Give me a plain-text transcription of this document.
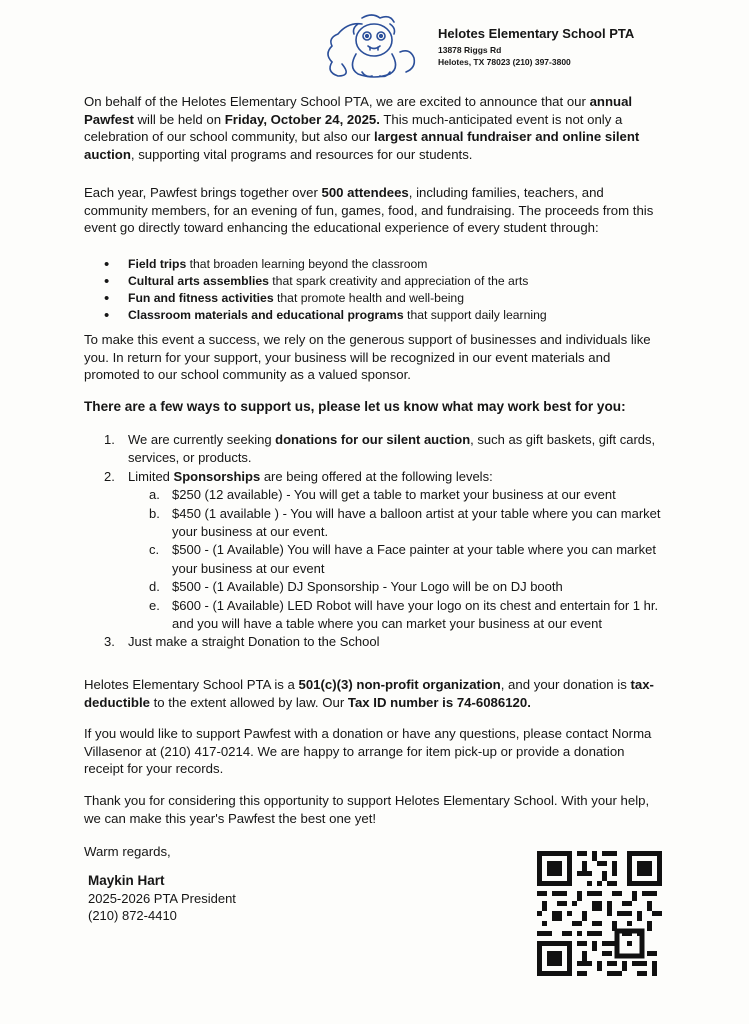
Helotes Elementary School PTA
13878 Riggs Rd
Helotes, TX 78023 (210) 397-3800

On behalf of the Helotes Elementary School PTA, we are excited to announce that our annual Pawfest will be held on Friday, October 24, 2025. This much-anticipated event is not only a celebration of our school community, but also our largest annual fundraiser and online silent auction, supporting vital programs and resources for our students.

Each year, Pawfest brings together over 500 attendees, including families, teachers, and community members, for an evening of fun, games, food, and fundraising. The proceeds from this event go directly toward enhancing the educational experience of every student through:

• Field trips that broaden learning beyond the classroom
• Cultural arts assemblies that spark creativity and appreciation of the arts
• Fun and fitness activities that promote health and well-being
• Classroom materials and educational programs that support daily learning

To make this event a success, we rely on the generous support of businesses and individuals like you. In return for your support, your business will be recognized in our event materials and promoted to our school community as a valued sponsor.

There are a few ways to support us, please let us know what may work best for you:
1. We are currently seeking donations for our silent auction, such as gift baskets, gift cards, services, or products.
2. Limited Sponsorships are being offered at the following levels:
a. $250 (12 available) - You will get a table to market your business at our event
b. $450 (1 available ) - You will have a balloon artist at your table where you can market your business at our event.
c. $500 - (1 Available) You will have a Face painter at your table where you can market your business at our event
d. $500 - (1 Available) DJ Sponsorship - Your Logo will be on DJ booth
e. $600 - (1 Available) LED Robot will have your logo on its chest and entertain for 1 hr. and you will have a table where you can market your business at our event
3. Just make a straight Donation to the School

Helotes Elementary School PTA is a 501(c)(3) non-profit organization, and your donation is tax-deductible to the extent allowed by law. Our Tax ID number is 74-6086120.

If you would like to support Pawfest with a donation or have any questions, please contact Norma Villasenor at (210) 417-0214. We are happy to arrange for item pick-up or provide a donation receipt for your records.

Thank you for considering this opportunity to support Helotes Elementary School. With your help, we can make this year's Pawfest the best one yet!

Warm regards,

Maykin Hart
2025-2026 PTA President
(210) 872-4410
